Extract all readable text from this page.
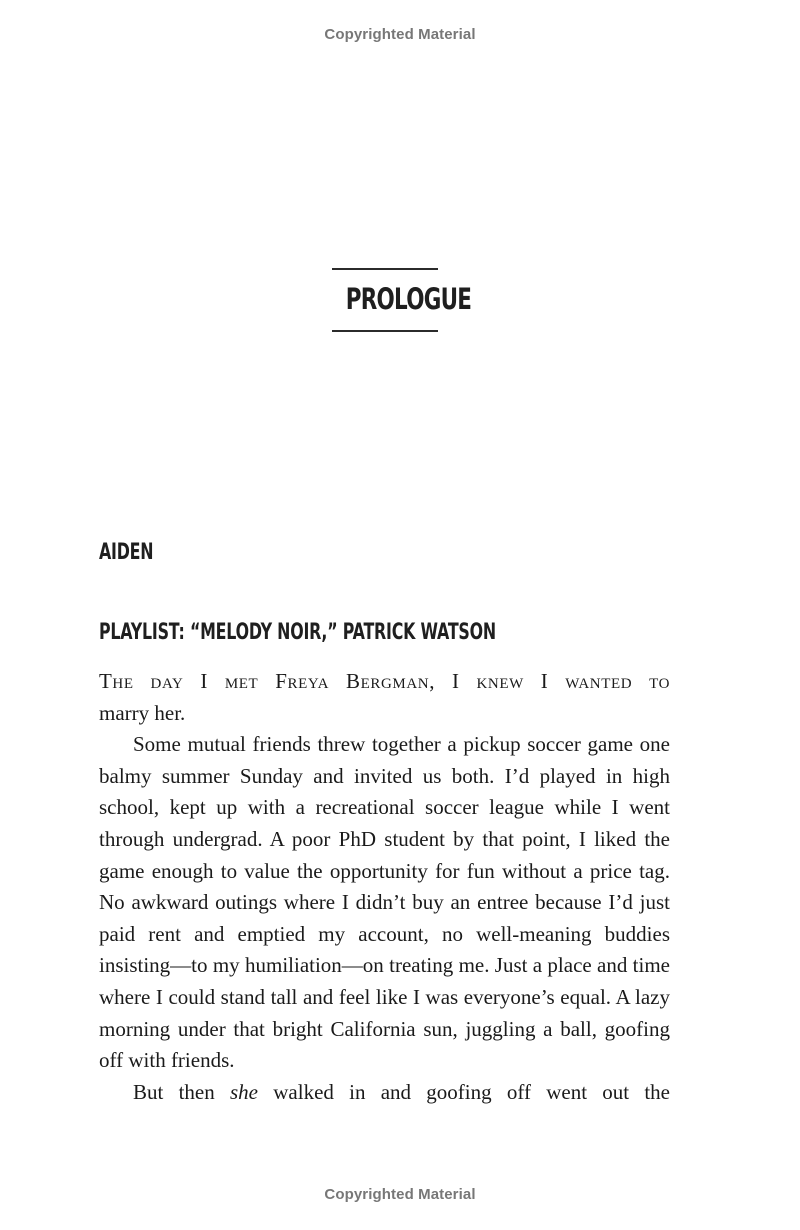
Copyrighted Material
PROLOGUE
AIDEN
PLAYLIST: “MELODY NOIR,” PATRICK WATSON

The day I met Freya Bergman, I knew I wanted to
marry her.

Some mutual friends threw together a pickup soccer game one balmy summer Sunday and invited us both. I’d played in high school, kept up with a recreational soccer league while I went through undergrad. A poor PhD student by that point, I liked the game enough to value the opportunity for fun without a price tag. No awkward outings where I didn’t buy an entree because I’d just paid rent and emptied my account, no well-meaning buddies insisting—to my humiliation—on treating me. Just a place and time where I could stand tall and feel like I was everyone’s equal. A lazy morning under that bright California sun, juggling a ball, goofing off with friends.

But then she walked in and goofing off went out the

Copyrighted Material
